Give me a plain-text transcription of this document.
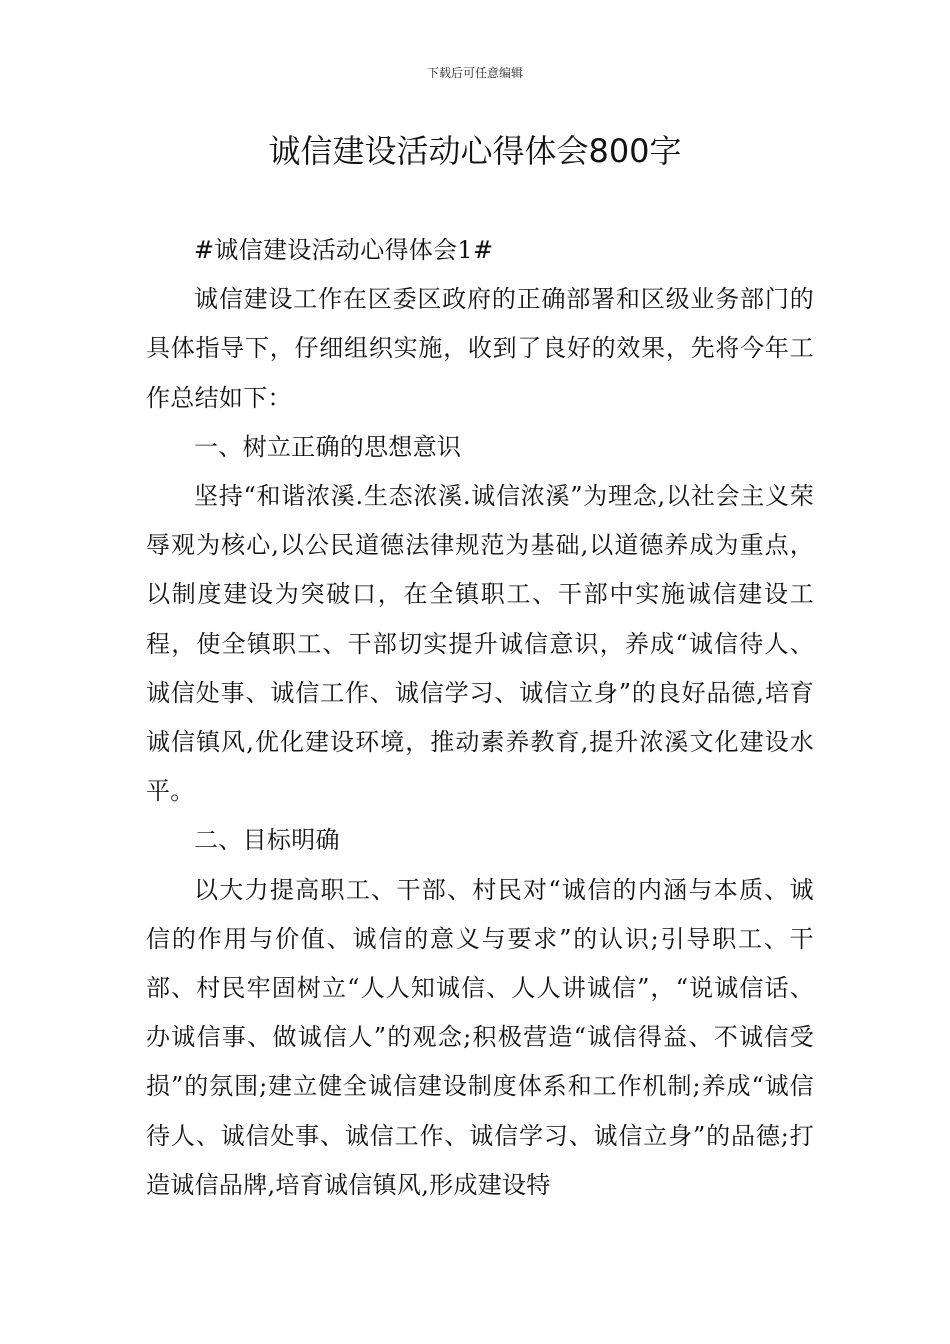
下载后可任意编辑
诚信建设活动心得体会800字

#诚信建设活动心得体会1#

诚信建设工作在区委区政府的正确部署和区级业务部门的具体指导下，仔细组织实施，收到了良好的效果，先将今年工作总结如下：

一、树立正确的思想意识

坚持“和谐浓溪.生态浓溪.诚信浓溪”为理念,以社会主义荣辱观为核心,以公民道德法律规范为基础,以道德养成为重点，以制度建设为突破口，在全镇职工、干部中实施诚信建设工程，使全镇职工、干部切实提升诚信意识，养成“诚信待人、诚信处事、诚信工作、诚信学习、诚信立身”的良好品德,培育诚信镇风,优化建设环境，推动素养教育,提升浓溪文化建设水平。

二、目标明确

以大力提高职工、干部、村民对“诚信的内涵与本质、诚信的作用与价值、诚信的意义与要求”的认识;引导职工、干部、村民牢固树立“人人知诚信、人人讲诚信”，“说诚信话、办诚信事、做诚信人”的观念;积极营造“诚信得益、不诚信受损”的氛围;建立健全诚信建设制度体系和工作机制;养成“诚信待人、诚信处事、诚信工作、诚信学习、诚信立身”的品德;打造诚信品牌,培育诚信镇风,形成建设特
